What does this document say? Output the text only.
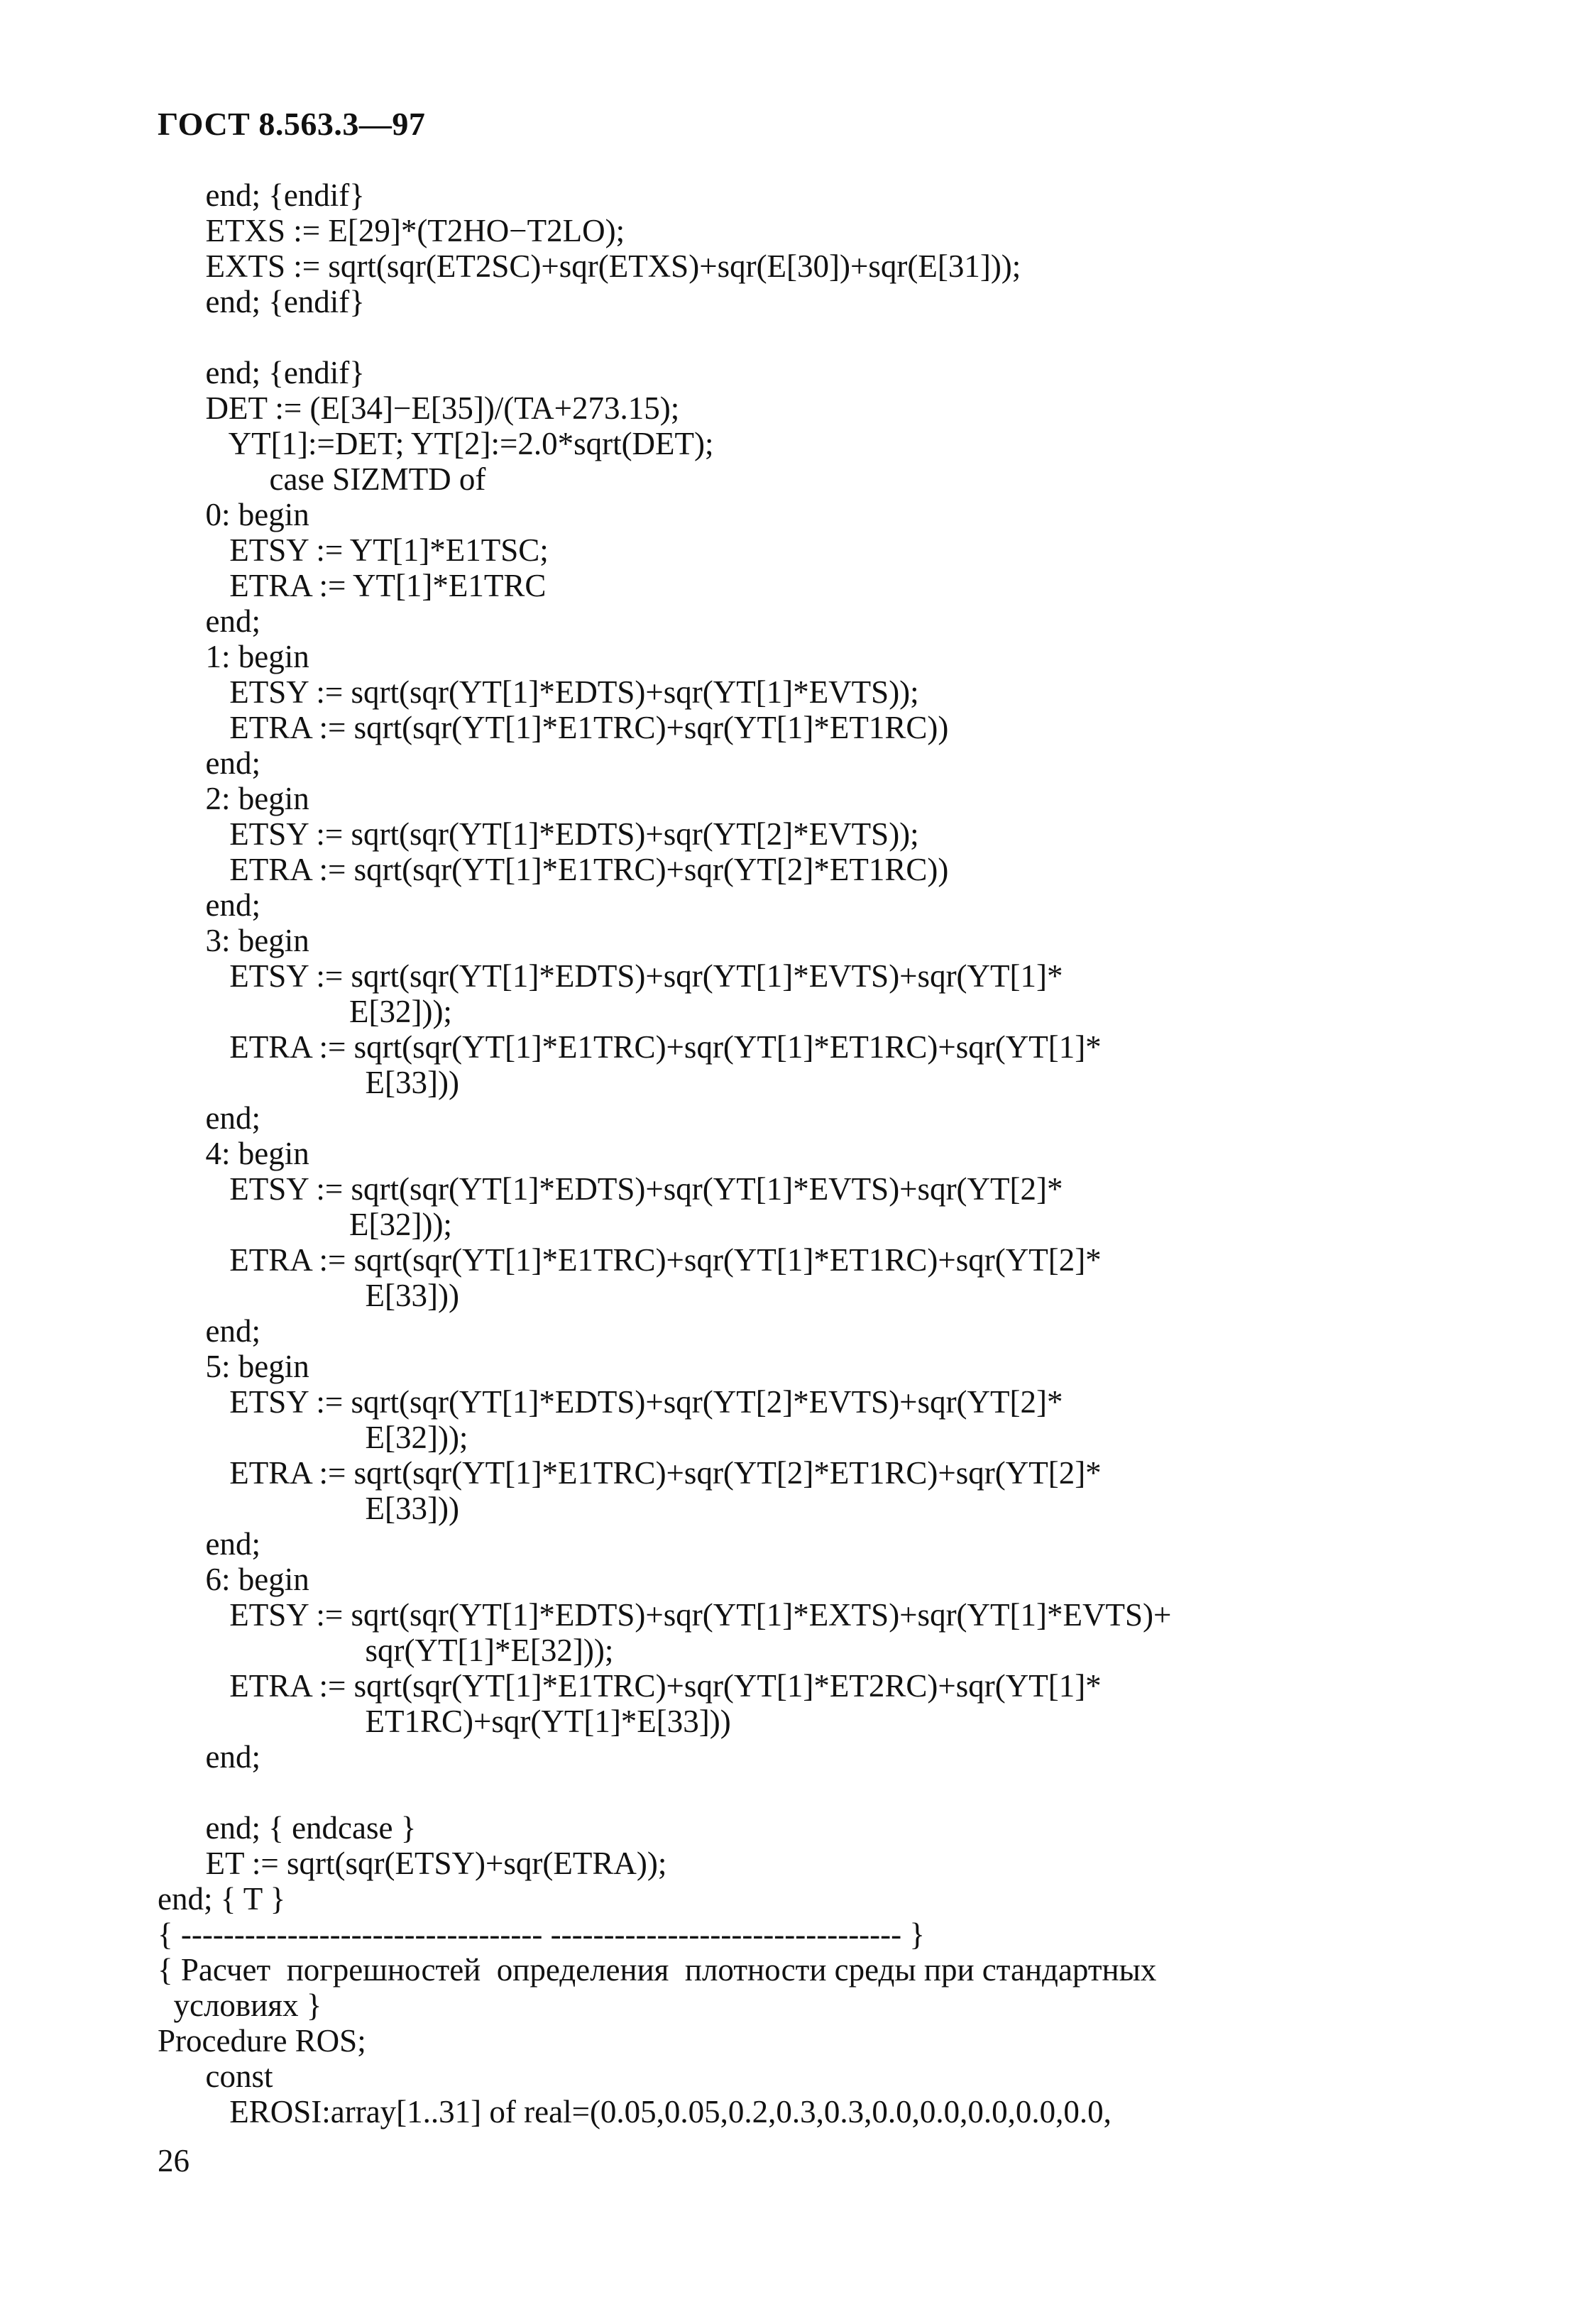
ГОСТ 8.563.3—97
end; {endif}
ETXS := E[29]*(T2HO−T2LO);
EXTS := sqrt(sqr(ET2SC)+sqr(ETXS)+sqr(E[30])+sqr(E[31]));
end; {endif}
end; {endif}
DET := (E[34]−E[35])/(TA+273.15);
YT[1]:=DET; YT[2]:=2.0*sqrt(DET);
case SIZMTD of
0: begin
ETSY := YT[1]*E1TSC;
ETRA := YT[1]*E1TRC
end;
1: begin
ETSY := sqrt(sqr(YT[1]*EDTS)+sqr(YT[1]*EVTS));
ETRA := sqrt(sqr(YT[1]*E1TRC)+sqr(YT[1]*ET1RC))
end;
2: begin
ETSY := sqrt(sqr(YT[1]*EDTS)+sqr(YT[2]*EVTS));
ETRA := sqrt(sqr(YT[1]*E1TRC)+sqr(YT[2]*ET1RC))
end;
3: begin
ETSY := sqrt(sqr(YT[1]*EDTS)+sqr(YT[1]*EVTS)+sqr(YT[1]*
E[32]));
ETRA := sqrt(sqr(YT[1]*E1TRC)+sqr(YT[1]*ET1RC)+sqr(YT[1]*
E[33]))
end;
4: begin
ETSY := sqrt(sqr(YT[1]*EDTS)+sqr(YT[1]*EVTS)+sqr(YT[2]*
E[32]));
ETRA := sqrt(sqr(YT[1]*E1TRC)+sqr(YT[1]*ET1RC)+sqr(YT[2]*
E[33]))
end;
5: begin
ETSY := sqrt(sqr(YT[1]*EDTS)+sqr(YT[2]*EVTS)+sqr(YT[2]*
E[32]));
ETRA := sqrt(sqr(YT[1]*E1TRC)+sqr(YT[2]*ET1RC)+sqr(YT[2]*
E[33]))
end;
6: begin
ETSY := sqrt(sqr(YT[1]*EDTS)+sqr(YT[1]*EXTS)+sqr(YT[1]*EVTS)+
sqr(YT[1]*E[32]));
ETRA := sqrt(sqr(YT[1]*E1TRC)+sqr(YT[1]*ET2RC)+sqr(YT[1]*
ET1RC)+sqr(YT[1]*E[33]))
end;
end; { endcase }
ET := sqrt(sqr(ETSY)+sqr(ETRA));
end; { T }
{ ---------------------------------- --------------------------------- }
{ Расчет  погрешностей  определения  плотности среды при стандартных
условиях }
Procedure ROS;
const
EROSI:array[1..31] of real=(0.05,0.05,0.2,0.3,0.3,0.0,0.0,0.0,0.0,0.0,
26
